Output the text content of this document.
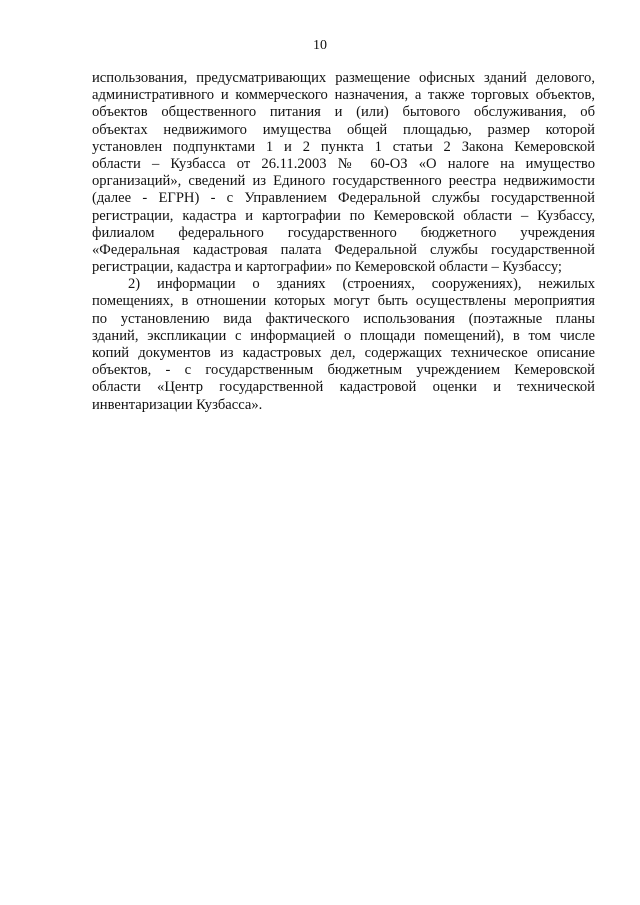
10
использования, предусматривающих размещение офисных зданий делового,
административного и коммерческого назначения, а также торговых объектов,
объектов общественного питания и (или) бытового обслуживания, об
объектах недвижимого имущества общей площадью, размер которой
установлен подпунктами 1 и 2 пункта 1 статьи 2 Закона Кемеровской
области – Кузбасса от 26.11.2003 № 60-ОЗ «О налоге на имущество
организаций», сведений из Единого государственного реестра недвижимости
(далее - ЕГРН) - с Управлением Федеральной службы государственной
регистрации, кадастра и картографии по Кемеровской области – Кузбассу,
филиалом федерального государственного бюджетного учреждения
«Федеральная кадастровая палата Федеральной службы государственной
регистрации, кадастра и картографии» по Кемеровской области – Кузбассу;
2) информации о зданиях (строениях, сооружениях), нежилых
помещениях, в отношении которых могут быть осуществлены мероприятия
по установлению вида фактического использования (поэтажные планы
зданий, экспликации с информацией о площади помещений), в том числе
копий документов из кадастровых дел, содержащих техническое описание
объектов, - с государственным бюджетным учреждением Кемеровской
области «Центр государственной кадастровой оценки и технической
инвентаризации Кузбасса».
